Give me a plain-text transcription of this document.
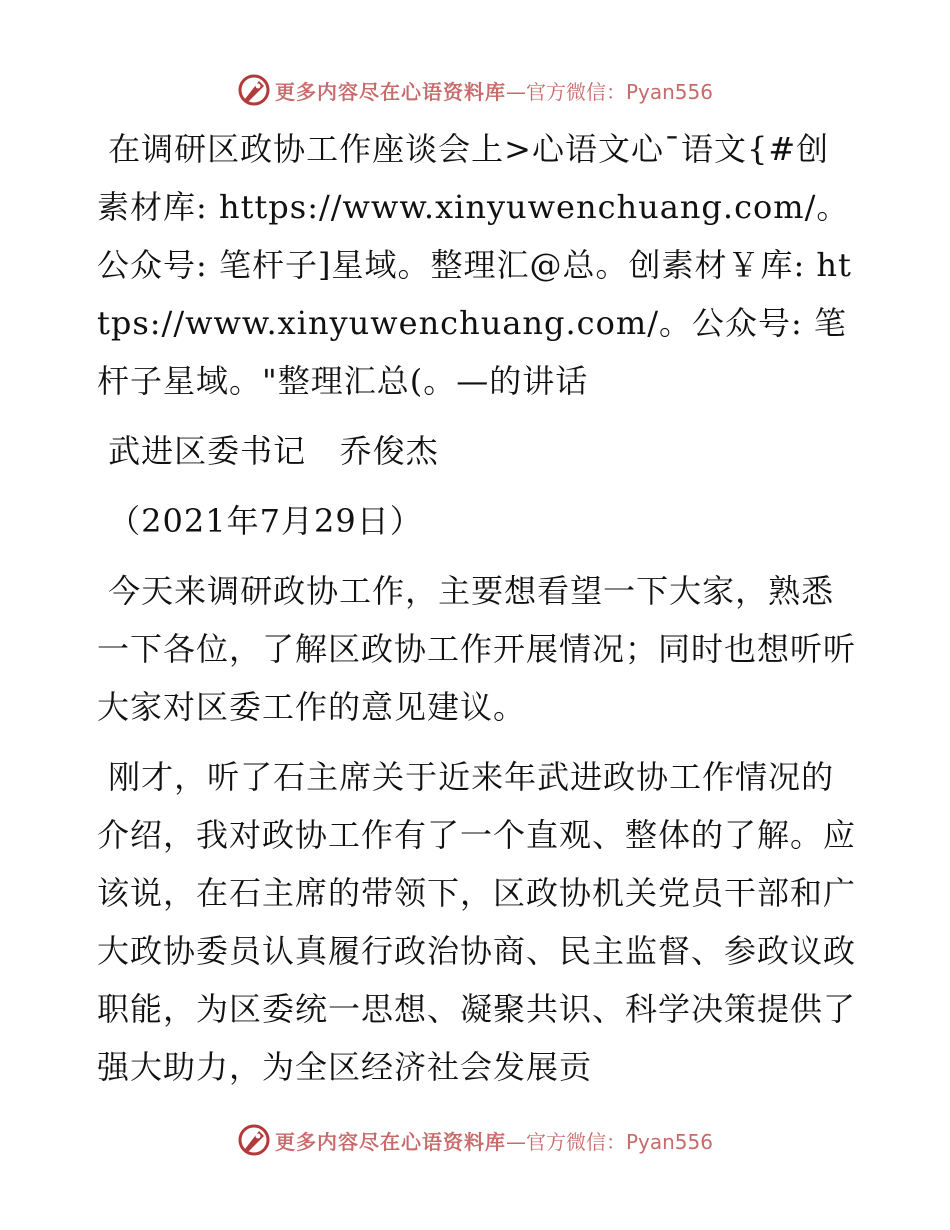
更多内容尽在心语资料库 —官方微信：Pyan556

在调研区政协工作座谈会上>心语文心¯语文{#创素材库: https://www.xinyuwenchuang.com/。公众号: 笔杆子]星域。整理汇@总。创素材￥库: https://www.xinyuwenchuang.com/。公众号: 笔杆子星域。"整理汇总(。—的讲话

武进区委书记   乔俊杰

（2021年7月29日）

今天来调研政协工作，主要想看望一下大家，熟悉一下各位，了解区政协工作开展情况；同时也想听听大家对区委工作的意见建议。

刚才，听了石主席关于近来年武进政协工作情况的介绍，我对政协工作有了一个直观、整体的了解。应该说，在石主席的带领下，区政协机关党员干部和广大政协委员认真履行政治协商、民主监督、参政议政职能，为区委统一思想、凝聚共识、科学决策提供了强大助力，为全区经济社会发展贡

更多内容尽在心语资料库 —官方微信：Pyan556
